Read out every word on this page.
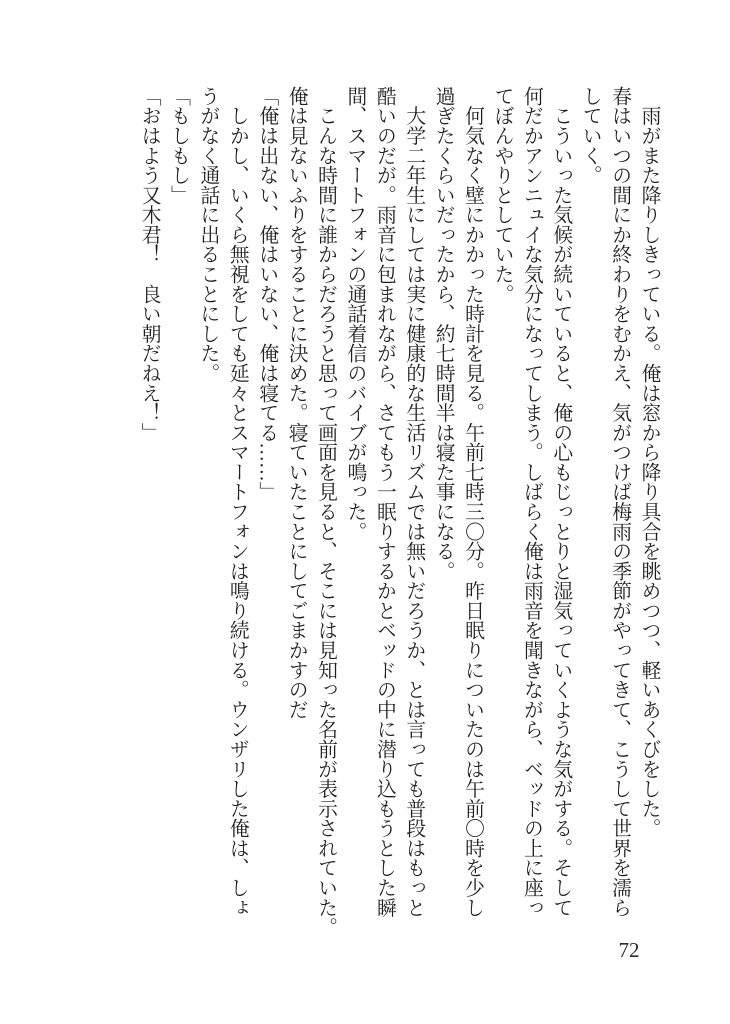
　雨がまた降りしきっている。俺は窓から降り具合を眺めつつ、軽いあくびをした。
春はいつの間にか終わりをむかえ、気がつけば梅雨の季節がやってきて、こうして世界を濡ら
していく。
　こういった気候が続いていると、俺の心もじっとりと湿気っていくような気がする。そして
何だかアンニュイな気分になってしまう。しばらく俺は雨音を聞きながら、ベッドの上に座っ
てぼんやりとしていた。
　何気なく壁にかかった時計を見る。午前七時三〇分。昨日眠りについたのは午前〇時を少し
過ぎたくらいだったから、約七時間半は寝た事になる。
　大学二年生にしては実に健康的な生活リズムでは無いだろうか、とは言っても普段はもっと
酷いのだが。雨音に包まれながら、さてもう一眠りするかとベッドの中に潜り込もうとした瞬
間、スマートフォンの通話着信のバイブが鳴った。
　こんな時間に誰からだろうと思って画面を見ると、そこには見知った名前が表示されていた。
俺は見ないふりをすることに決めた。寝ていたことにしてごまかすのだ
「俺は出ない、俺はいない、俺は寝てる……」
　しかし、いくら無視をしても延々とスマートフォンは鳴り続ける。ウンザリした俺は、しょ
うがなく通話に出ることにした。
「もしもし」
「おはよう又木君！　良い朝だねえ！」
72
